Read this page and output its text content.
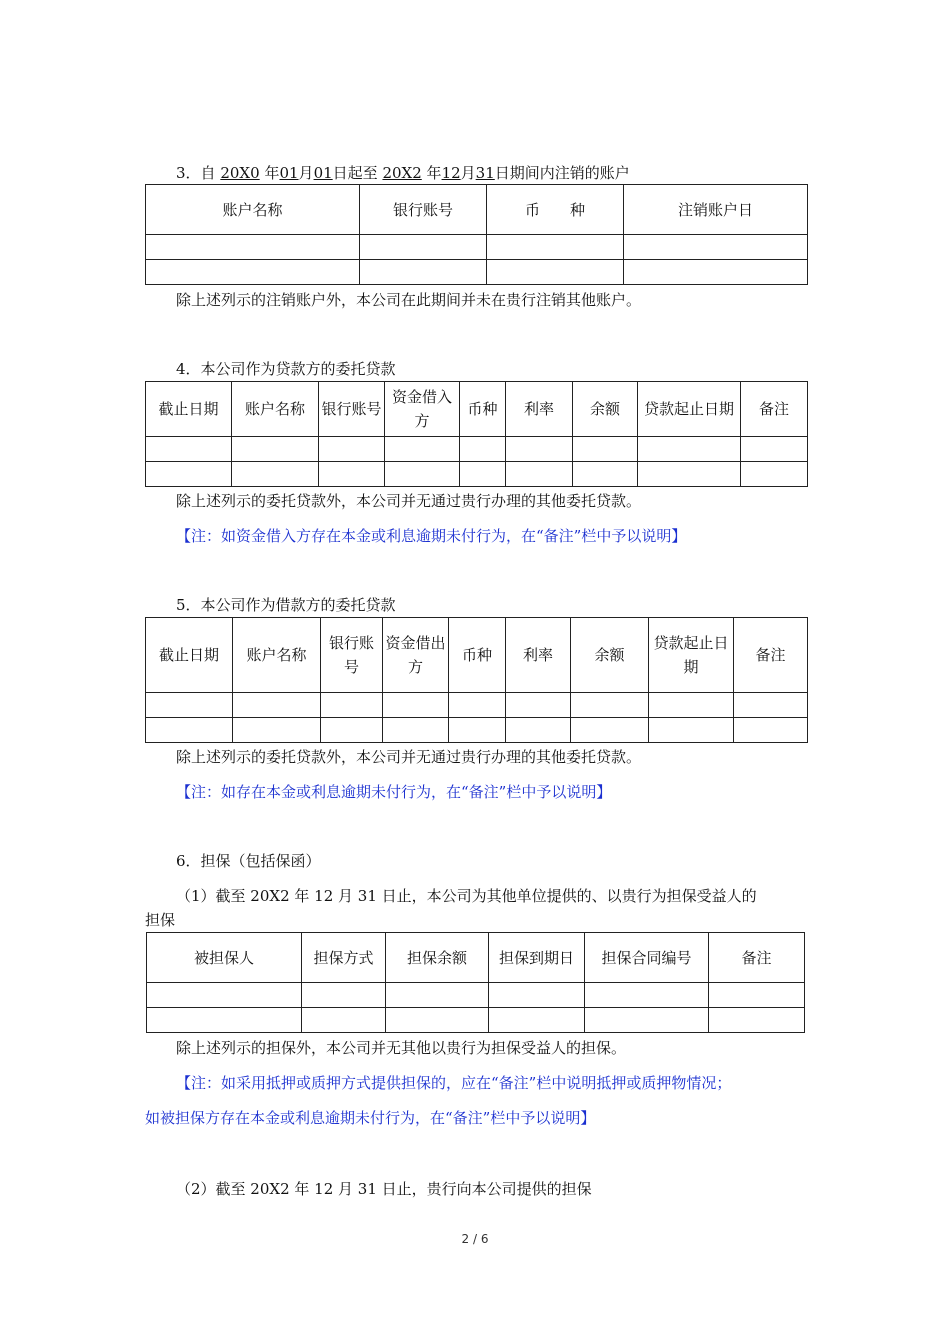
3．自 20X0 年01月01日起至 20X2 年12月31日期间内注销的账户
账户名称	银行账号	币　　种	注销账户日

除上述列示的注销账户外，本公司在此期间并未在贵行注销其他账户。
4．本公司作为贷款方的委托贷款
截止日期	账户名称	银行账号	资金借入方	币种	利率	余额	贷款起止日期	备注

除上述列示的委托贷款外，本公司并无通过贵行办理的其他委托贷款。
【注：如资金借入方存在本金或利息逾期未付行为，在“备注”栏中予以说明】
5．本公司作为借款方的委托贷款
截止日期	账户名称	银行账号	资金借出方	币种	利率	余额	贷款起止日期	备注

除上述列示的委托贷款外，本公司并无通过贵行办理的其他委托贷款。
【注：如存在本金或利息逾期未付行为，在“备注”栏中予以说明】
6．担保（包括保函）
（1）截至 20X2 年 12 月 31 日止，本公司为其他单位提供的、以贵行为担保受益人的
担保
被担保人	担保方式	担保余额	担保到期日	担保合同编号	备注

除上述列示的担保外，本公司并无其他以贵行为担保受益人的担保。
【注：如采用抵押或质押方式提供担保的，应在“备注”栏中说明抵押或质押物情况；
如被担保方存在本金或利息逾期未付行为，在“备注”栏中予以说明】
（2）截至 20X2 年 12 月 31 日止，贵行向本公司提供的担保
2 / 6
